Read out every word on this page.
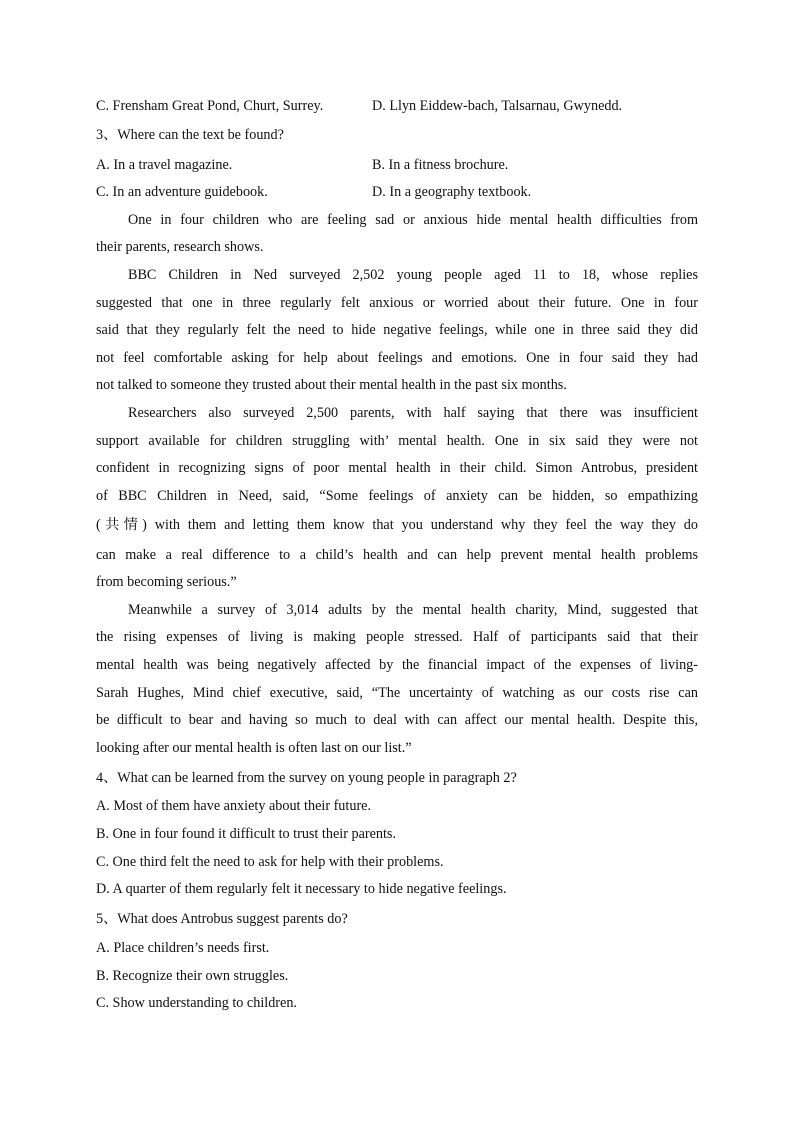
C. Frensham Great Pond, Churt, Surrey.	D. Llyn Eiddew-bach, Talsarnau, Gwynedd.
3、Where can the text be found?
A. In a travel magazine.	B. In a fitness brochure.
C. In an adventure guidebook.	D. In a geography textbook.
One in four children who are feeling sad or anxious hide mental health difficulties from
their parents, research shows.
BBC Children in Ned surveyed 2,502 young people aged 11 to 18, whose replies
suggested that one in three regularly felt anxious or worried about their future. One in four
said that they regularly felt the need to hide negative feelings, while one in three said they did
not feel comfortable asking for help about feelings and emotions. One in four said they had
not talked to someone they trusted about their mental health in the past six months.
Researchers also surveyed 2,500 parents, with half saying that there was insufficient
support available for children struggling with’ mental health. One in six said they were not
confident in recognizing signs of poor mental health in their child. Simon Antrobus, president
of BBC Children in Need, said, “Some feelings of anxiety can be hidden, so empathizing
(共情) with them and letting them know that you understand why they feel the way they do
can make a real difference to a child’s health and can help prevent mental health problems
from becoming serious.”
Meanwhile a survey of 3,014 adults by the mental health charity, Mind, suggested that
the rising expenses of living is making people stressed. Half of participants said that their
mental health was being negatively affected by the financial impact of the expenses of living-
Sarah Hughes, Mind chief executive, said, “The uncertainty of watching as our costs rise can
be difficult to bear and having so much to deal with can affect our mental health. Despite this,
looking after our mental health is often last on our list.”
4、What can be learned from the survey on young people in paragraph 2?
A. Most of them have anxiety about their future.
B. One in four found it difficult to trust their parents.
C. One third felt the need to ask for help with their problems.
D. A quarter of them regularly felt it necessary to hide negative feelings.
5、What does Antrobus suggest parents do?
A. Place children’s needs first.
B. Recognize their own struggles.
C. Show understanding to children.
